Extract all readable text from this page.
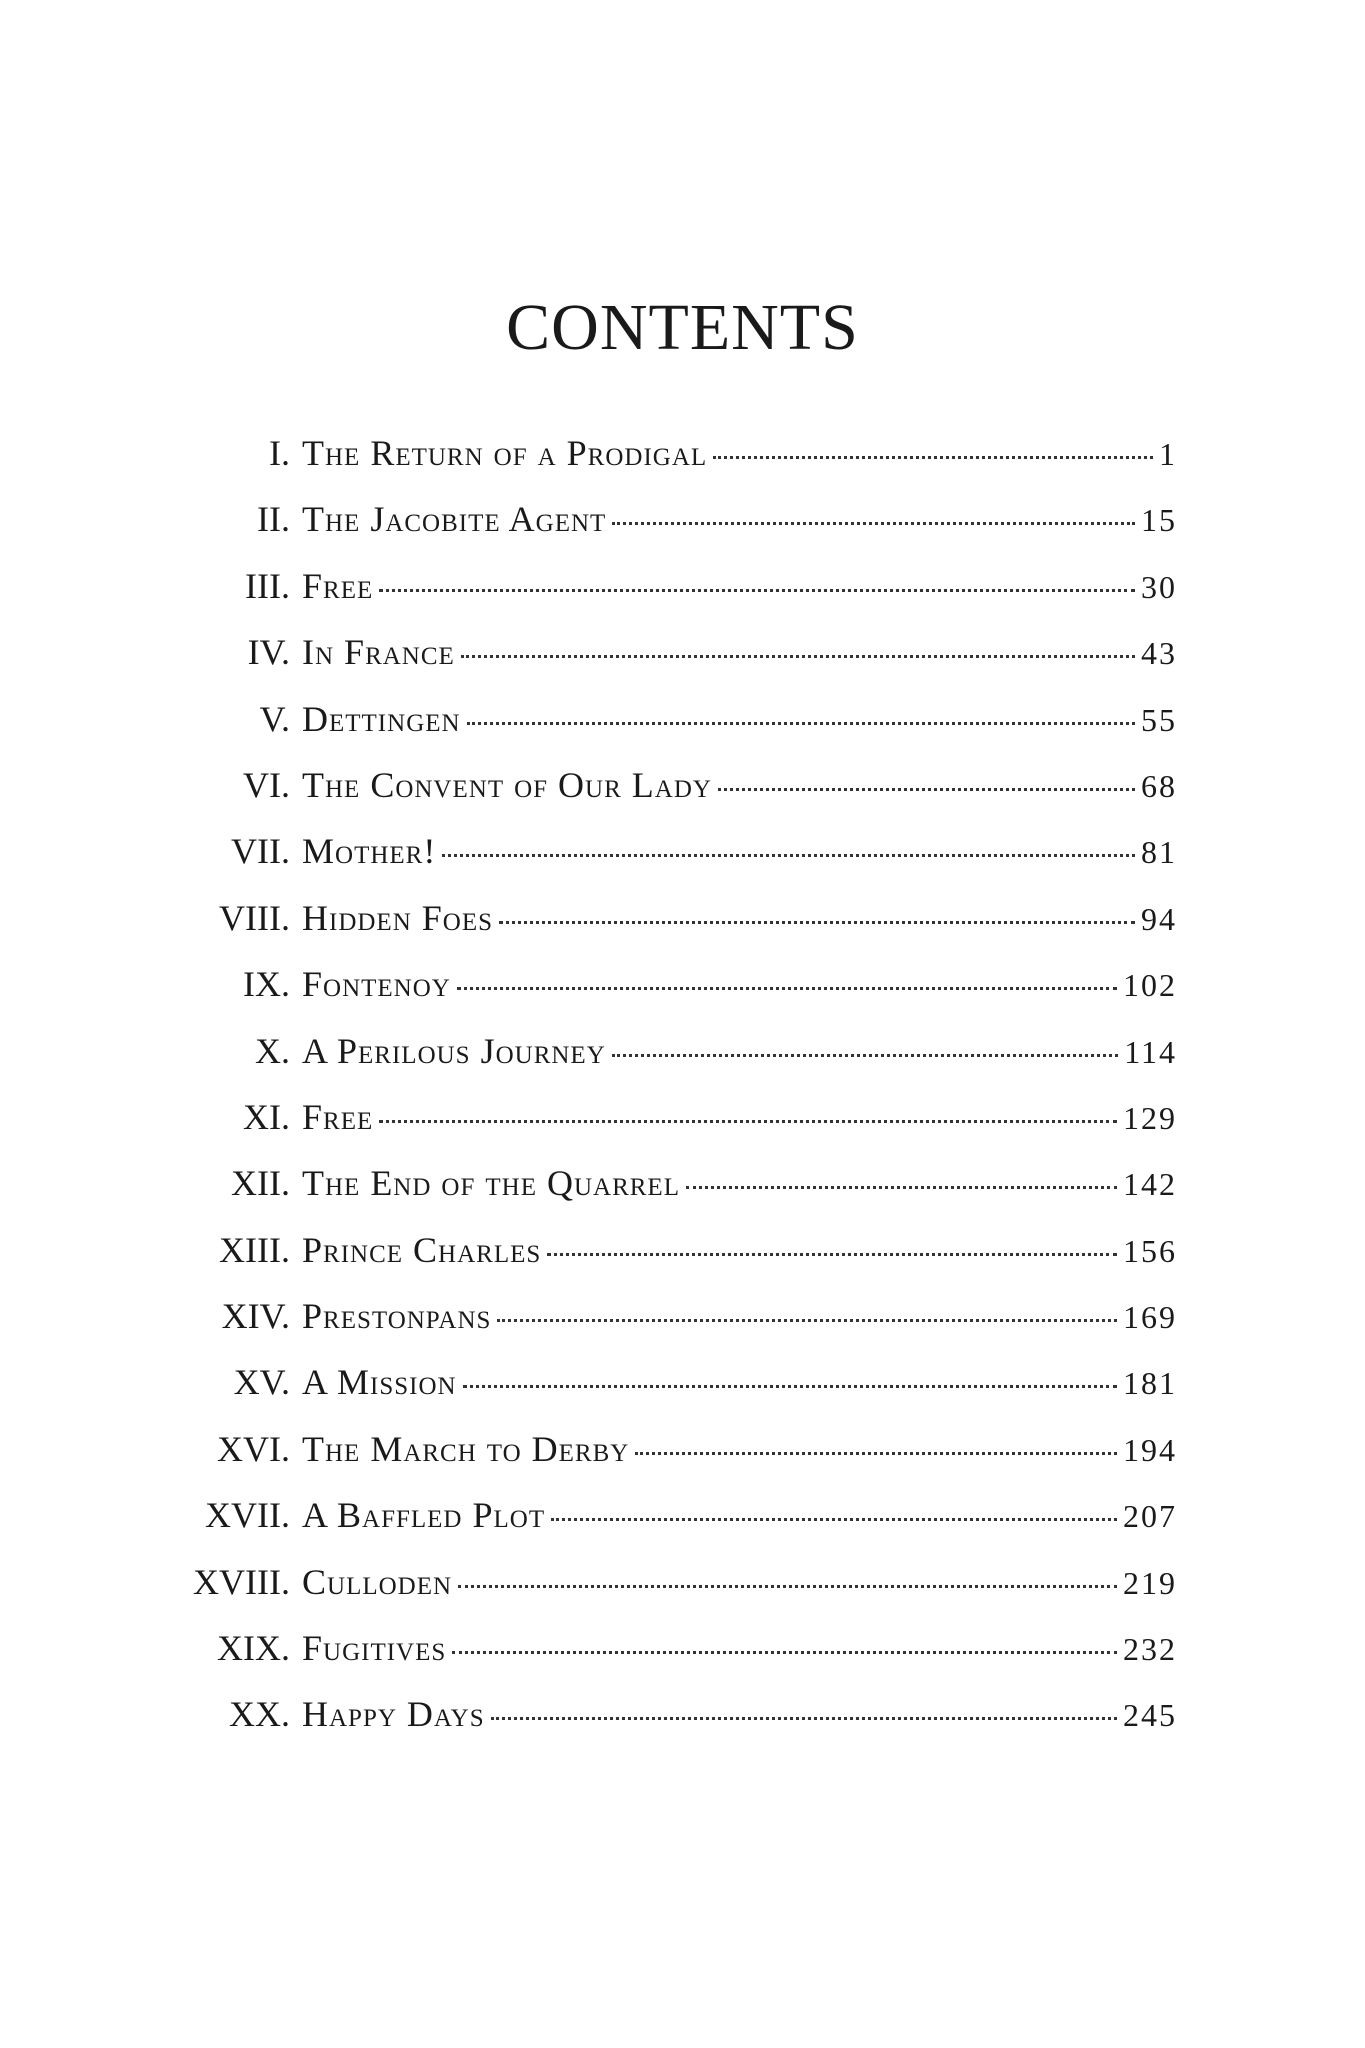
CONTENTS
I. The Return of a Prodigal	1
II. The Jacobite Agent	15
III. Free	30
IV. In France	43
V. Dettingen	55
VI. The Convent of Our Lady	68
VII. Mother!	81
VIII. Hidden Foes	94
IX. Fontenoy	102
X. A Perilous Journey	114
XI. Free	129
XII. The End of the Quarrel	142
XIII. Prince Charles	156
XIV. Prestonpans	169
XV. A Mission	181
XVI. The March to Derby	194
XVII. A Baffled Plot	207
XVIII. Culloden	219
XIX. Fugitives	232
XX. Happy Days	245
